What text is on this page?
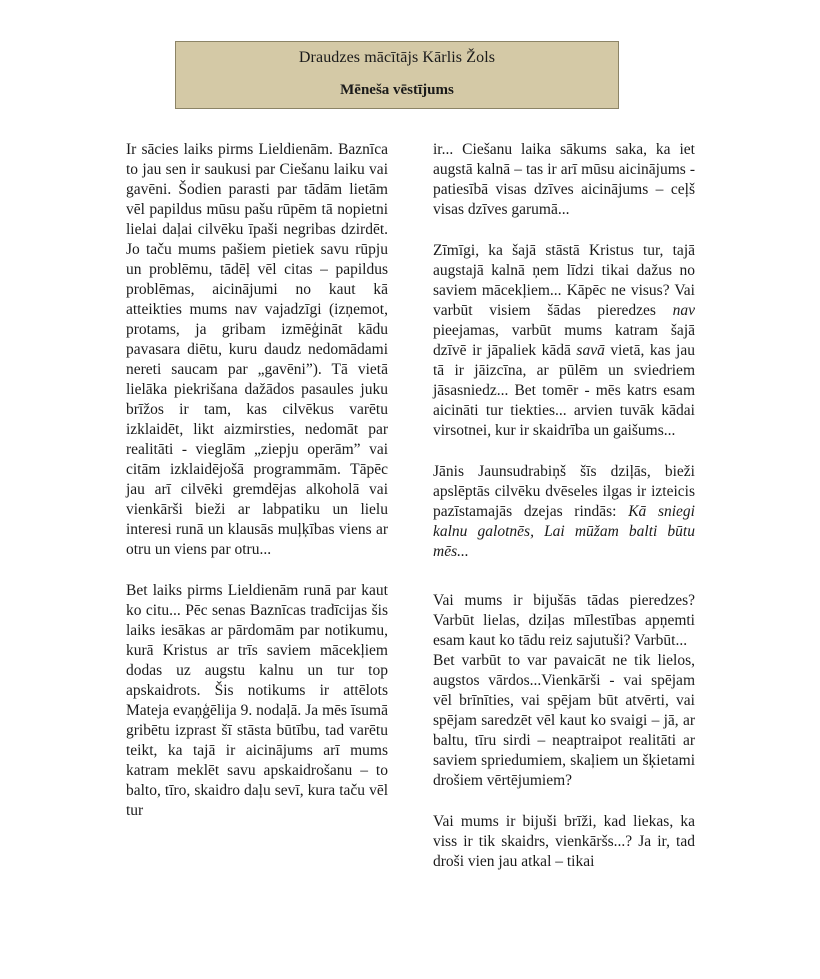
Draudzes mācītājs Kārlis Žols
Mēneša vēstījums

Ir sācies laiks pirms Lieldienām. Baznīca to jau sen ir saukusi par Ciešanu laiku vai gavēni. Šodien parasti par tādām lietām vēl papildus mūsu pašu rūpēm tā nopietni lielai daļai cilvēku īpaši negribas dzirdēt. Jo taču mums pašiem pietiek savu rūpju un problēmu, tādēļ vēl citas – papildus problēmas, aicinājumi no kaut kā atteikties mums nav vajadzīgi (izņemot, protams, ja gribam izmēģināt kādu pavasara diētu, kuru daudz nedomādami nereti saucam par „gavēni”). Tā vietā lielāka piekrišana dažādos pasaules juku brīžos ir tam, kas cilvēkus varētu izklaidēt, likt aizmirsties, nedomāt par realitāti - vieglām „ziepju operām” vai citām izklaidējošā programmām. Tāpēc jau arī cilvēki gremdējas alkoholā vai vienkārši bieži ar labpatiku un lielu interesi runā un klausās muļķības viens ar otru un viens par otru...

Bet laiks pirms Lieldienām runā par kaut ko citu... Pēc senas Baznīcas tradīcijas šis laiks iesākas ar pārdomām par notikumu, kurā Kristus ar trīs saviem mācekļiem dodas uz augstu kalnu un tur top apskaidrots. Šis notikums ir attēlots Mateja evaņģēlija 9. nodaļā. Ja mēs īsumā gribētu izprast šī stāsta būtību, tad varētu teikt, ka tajā ir aicinājums arī mums katram meklēt savu apskaidrošanu – to balto, tīro, skaidro daļu sevī, kura taču vēl tur

ir... Ciešanu laika sākums saka, ka iet augstā kalnā – tas ir arī mūsu aicinājums - patiesībā visas dzīves aicinājums – ceļš visas dzīves garumā...

Zīmīgi, ka šajā stāstā Kristus tur, tajā augstajā kalnā ņem līdzi tikai dažus no saviem mācekļiem... Kāpēc ne visus? Vai varbūt visiem šādas pieredzes nav pieejamas, varbūt mums katram šajā dzīvē ir jāpaliek kādā savā vietā, kas jau tā ir jāizcīna, ar pūlēm un sviedriem jāsasniedz... Bet tomēr - mēs katrs esam aicināti tur tiekties... arvien tuvāk kādai virsotnei, kur ir skaidrība un gaišums...

Jānis Jaunsudrabiņš šīs dziļās, bieži apslēptās cilvēku dvēseles ilgas ir izteicis pazīstamajās dzejas rindās: Kā sniegi kalnu galotnēs, Lai mūžam balti būtu mēs...

Vai mums ir bijušās tādas pieredzes? Varbūt lielas, dziļas mīlestības apņemti esam kaut ko tādu reiz sajutuši? Varbūt...

Bet varbūt to var pavaicāt ne tik lielos, augstos vārdos...Vienkārši - vai spējam vēl brīnīties, vai spējam būt atvērti, vai spējam saredzēt vēl kaut ko svaigi – jā, ar baltu, tīru sirdi – neaptraipot realitāti ar saviem spriedumiem, skaļiem un šķietami drošiem vērtējumiem?

Vai mums ir bijuši brīži, kad liekas, ka viss ir tik skaidrs, vienkāršs...? Ja ir, tad droši vien jau atkal – tikai
